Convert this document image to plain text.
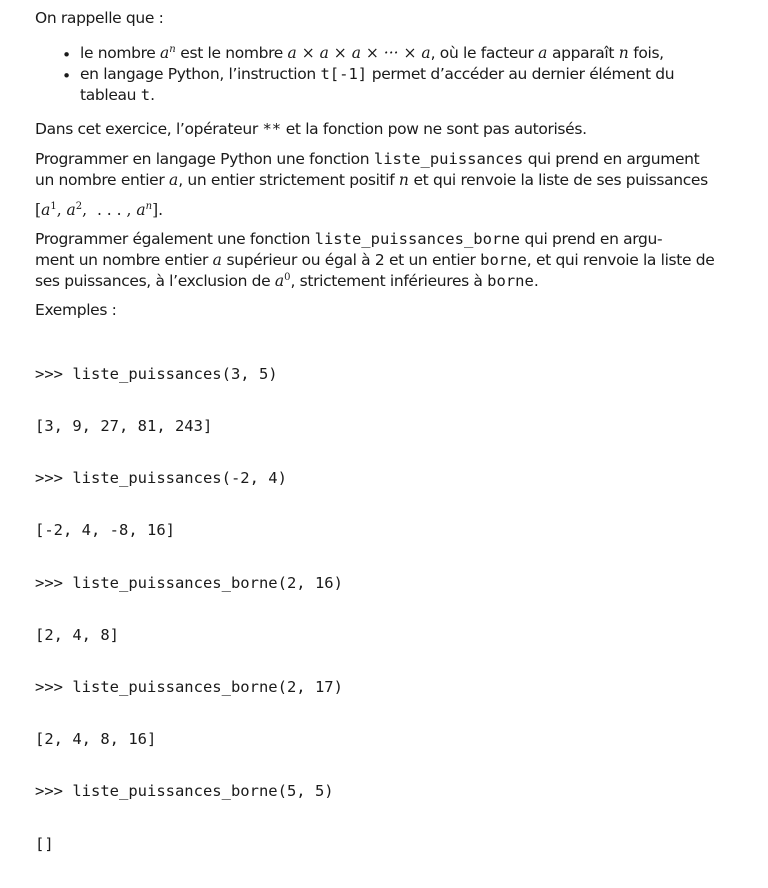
On rappelle que :

• le nombre $a^n$ est le nombre a × a × a × ··· × a, où le facteur a apparaît n fois,

• en langage Python, l’instruction t[-1] permet d’accéder au dernier élément du

tableau t.

Dans cet exercice, l’opérateur ** et la fonction pow ne sont pas autorisés.

Programmer en langage Python une fonction liste_puissances qui prend en argument

un nombre entier a, un entier strictement positif n et qui renvoie la liste de ses puissances

[$a^1$, $a^2$,  . . . , $a^n$].

Programmer également une fonction liste_puissances_borne qui prend en argu-

ment un nombre entier a supérieur ou égal à 2 et un entier borne, et qui renvoie la liste de

ses puissances, à l’exclusion de $a^0$, strictement inférieures à borne.

Exemples :

>>> liste_puissances(3, 5)

[3, 9, 27, 81, 243]

>>> liste_puissances(-2, 4)

[-2, 4, -8, 16]

>>> liste_puissances_borne(2, 16)

[2, 4, 8]

>>> liste_puissances_borne(2, 17)

[2, 4, 8, 16]

>>> liste_puissances_borne(5, 5)

[]
